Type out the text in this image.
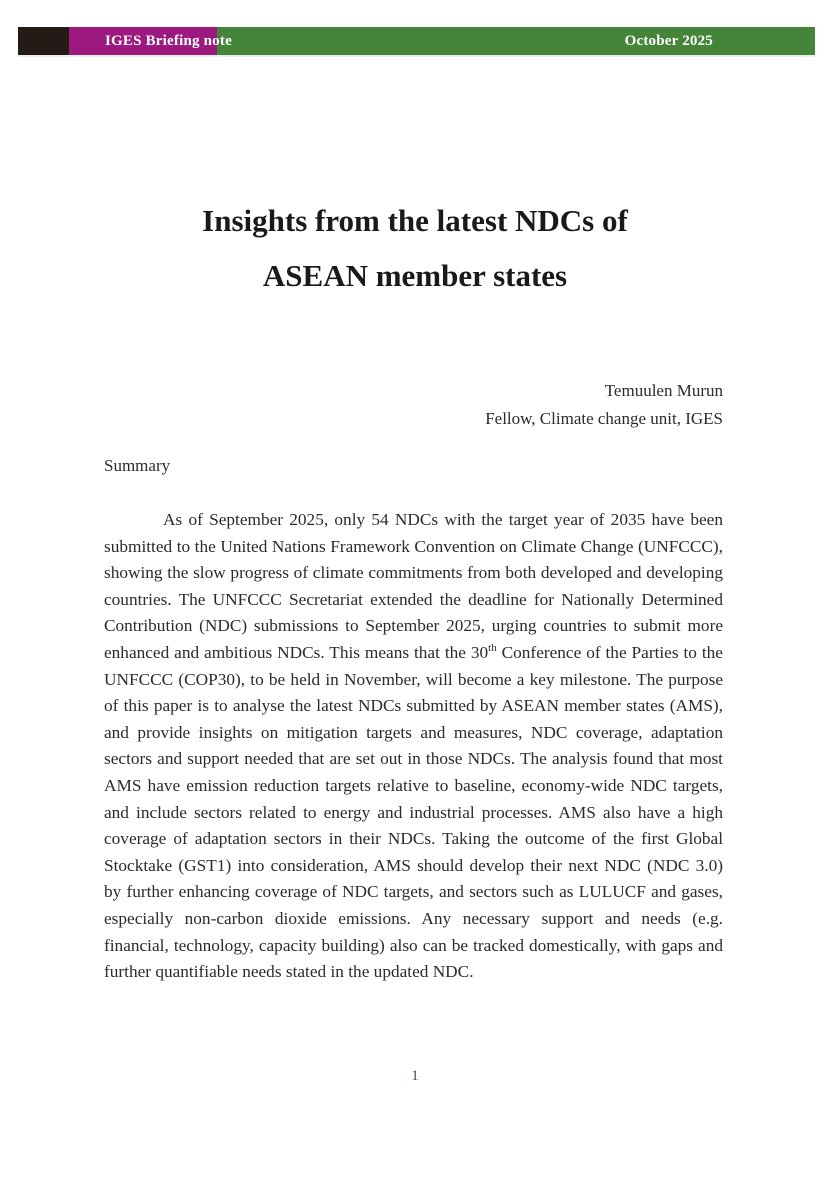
IGES Briefing note	October 2025
Insights from the latest NDCs of
ASEAN member states
Temuulen Murun
Fellow, Climate change unit, IGES
Summary

As of September 2025, only 54 NDCs with the target year of 2035 have been submitted to the United Nations Framework Convention on Climate Change (UNFCCC), showing the slow progress of climate commitments from both developed and developing countries. The UNFCCC Secretariat extended the deadline for Nationally Determined Contribution (NDC) submissions to September 2025, urging countries to submit more enhanced and ambitious NDCs. This means that the 30th Conference of the Parties to the UNFCCC (COP30), to be held in November, will become a key milestone. The purpose of this paper is to analyse the latest NDCs submitted by ASEAN member states (AMS), and provide insights on mitigation targets and measures, NDC coverage, adaptation sectors and support needed that are set out in those NDCs. The analysis found that most AMS have emission reduction targets relative to baseline, economy-wide NDC targets, and include sectors related to energy and industrial processes. AMS also have a high coverage of adaptation sectors in their NDCs. Taking the outcome of the first Global Stocktake (GST1) into consideration, AMS should develop their next NDC (NDC 3.0) by further enhancing coverage of NDC targets, and sectors such as LULUCF and gases, especially non-carbon dioxide emissions. Any necessary support and needs (e.g. financial, technology, capacity building) also can be tracked domestically, with gaps and further quantifiable needs stated in the updated NDC.

1
